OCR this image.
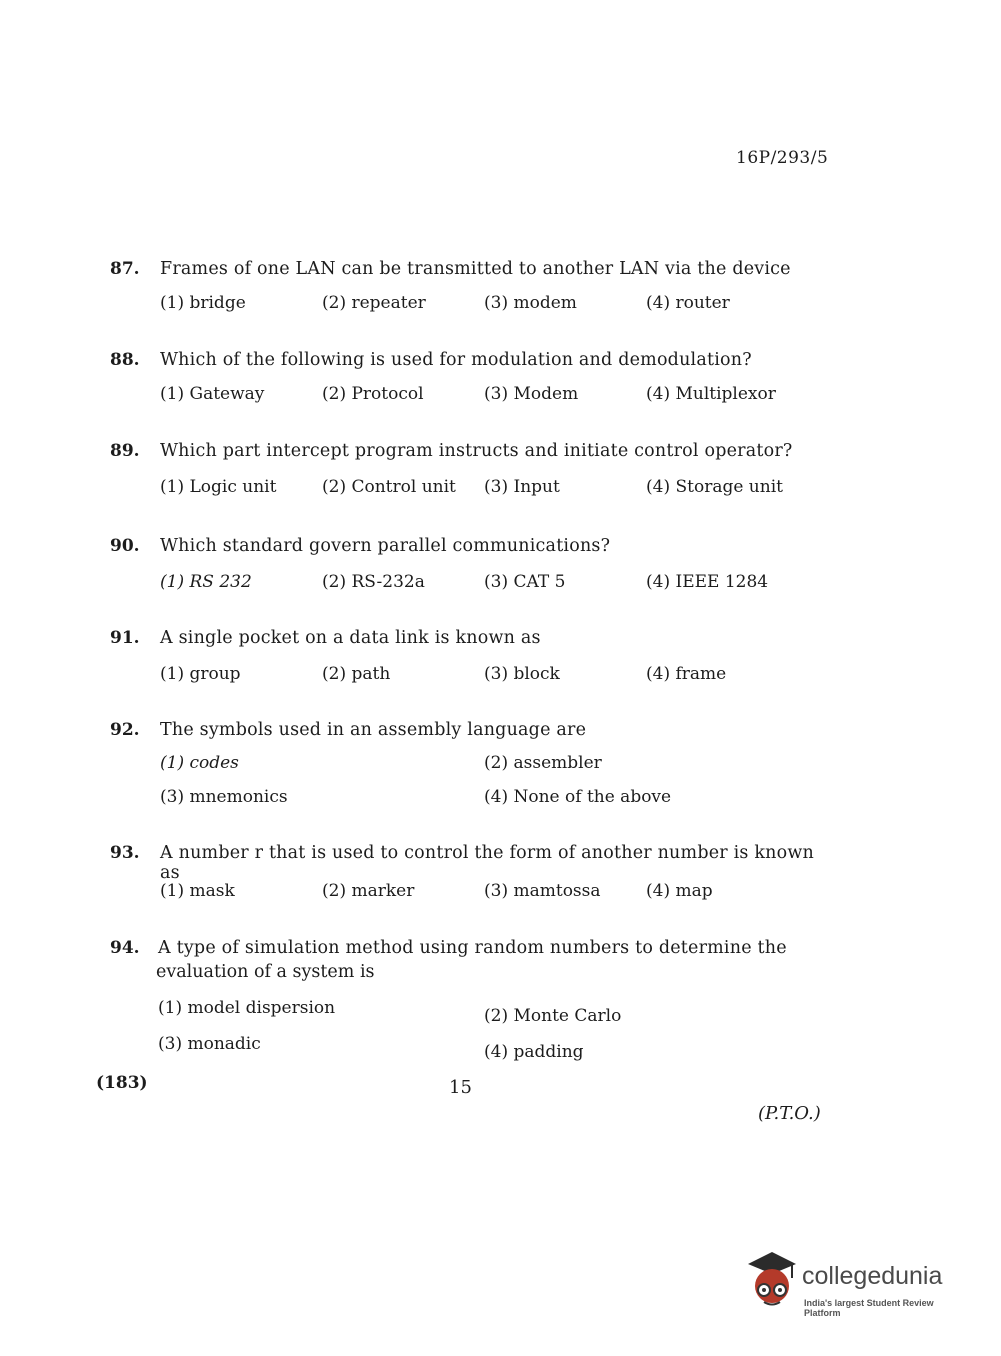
16P/293/5
87. Frames of one LAN can be transmitted to another LAN via the device
(1) bridge	(2) repeater	(3) modem	(4) router
88. Which of the following is used for modulation and demodulation?
(1) Gateway	(2) Protocol	(3) Modem	(4) Multiplexor
89. Which part intercept program instructs and initiate control operator?
(1) Logic unit	(2) Control unit (3) Input	(4) Storage unit
90. Which standard govern parallel communications?
(1) RS 232	(2) RS-232a	(3) CAT 5	(4) IEEE 1284
91. A single pocket on a data link is known as
(1) group	(2) path	(3) block	(4) frame
92. The symbols used in an assembly language are
(1) codes	(2) assembler
(3) mnemonics	(4) None of the above
93. A number r that is used to control the form of another number is known as
(1) mask	(2) marker	(3) mamtossa	(4) map
94. A type of simulation method using random numbers to determine the
evaluation of a system is
(1) model dispersion	(2) Monte Carlo
(3) monadic	(4) padding
(183)	15
(P.T.O.)
collegedunia
India's largest Student Review Platform
